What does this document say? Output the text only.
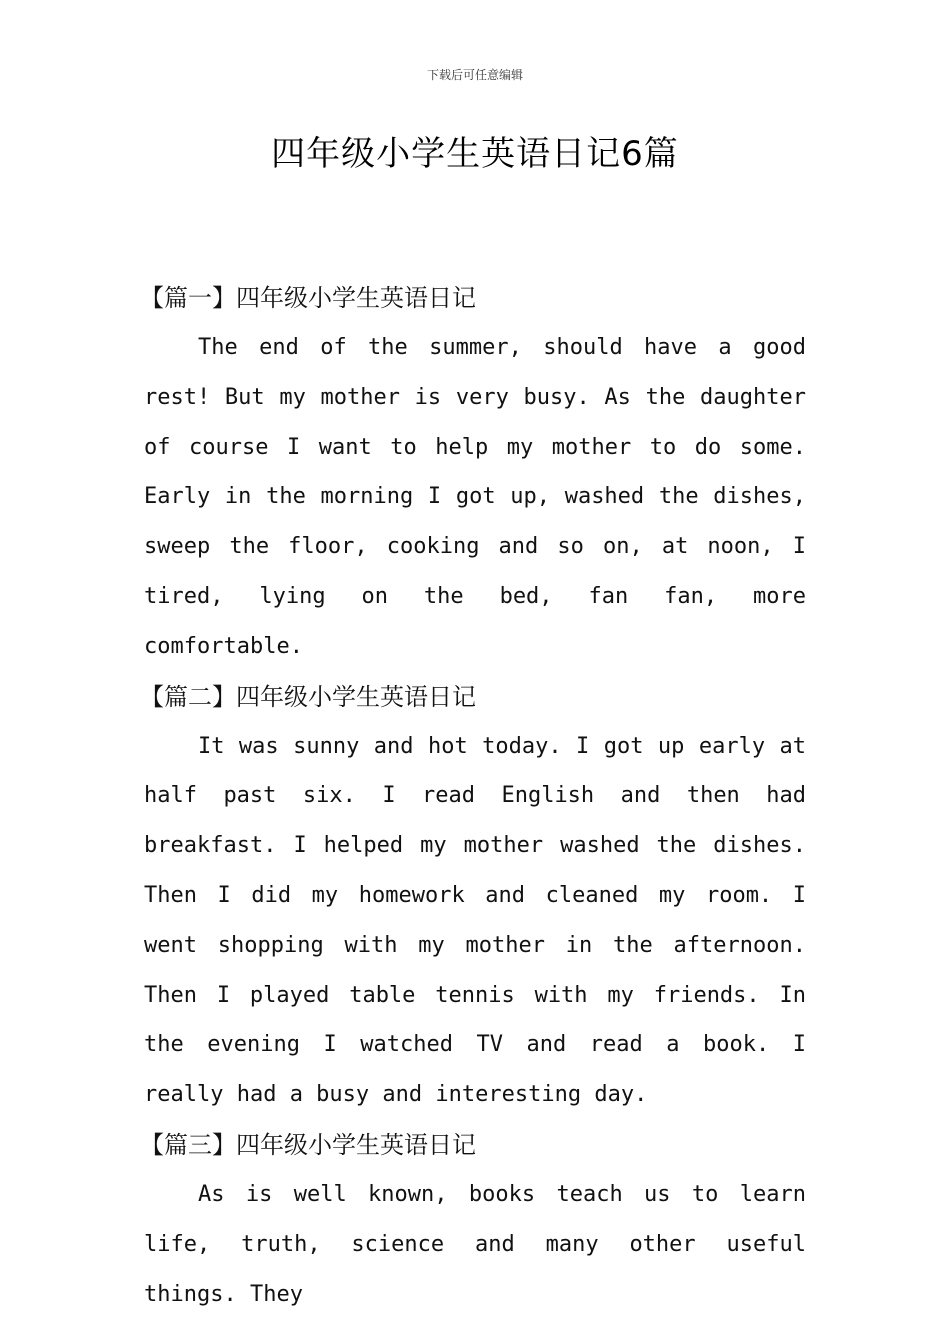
下载后可任意编辑
四年级小学生英语日记6篇
【篇一】四年级小学生英语日记

The end of the summer, should have a good rest! But my mother is very busy. As the daughter of course I want to help my mother to do some. Early in the morning I got up, washed the dishes, sweep the floor, cooking and so on, at noon, I tired, lying on the bed, fan fan, more comfortable.

【篇二】四年级小学生英语日记

It was sunny and hot today. I got up early at half past six. I read English and then had breakfast. I helped my mother washed the dishes. Then I did my homework and cleaned my room. I went shopping with my mother in the afternoon. Then I played table tennis with my friends. In the evening I watched TV and read a book. I really had a busy and interesting day.

【篇三】四年级小学生英语日记

As is well known, books teach us to learn life, truth, science and many other useful things. They
